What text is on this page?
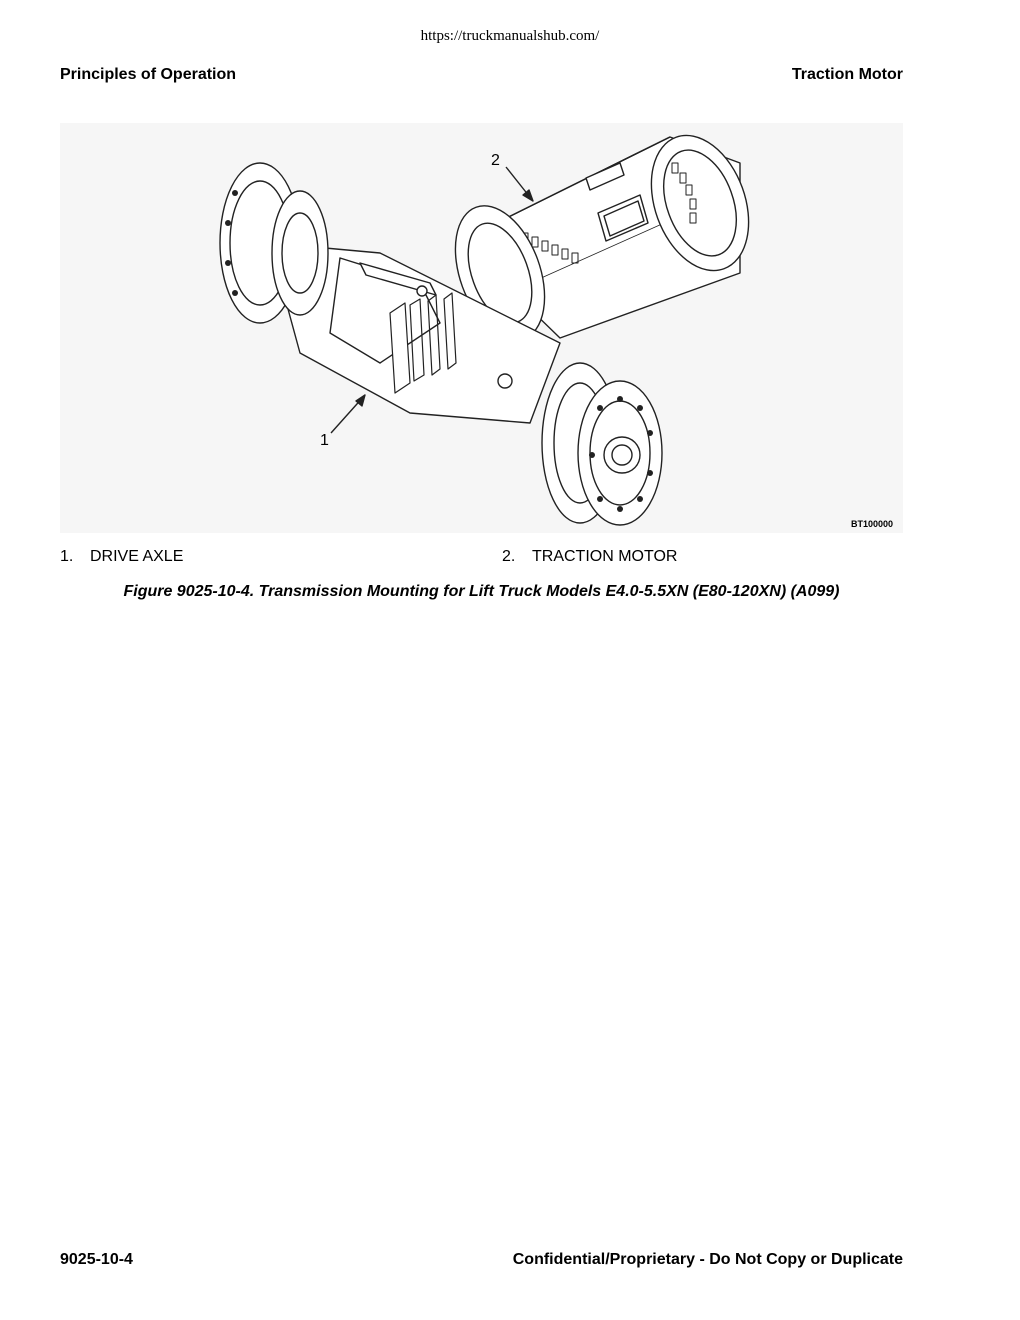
https://truckmanualshub.com/
Principles of Operation	Traction Motor
2
1
BT100000
1. DRIVE AXLE	2. TRACTION MOTOR
Figure 9025-10-4. Transmission Mounting for Lift Truck Models E4.0-5.5XN (E80-120XN) (A099)
9025-10-4	Confidential/Proprietary - Do Not Copy or Duplicate
